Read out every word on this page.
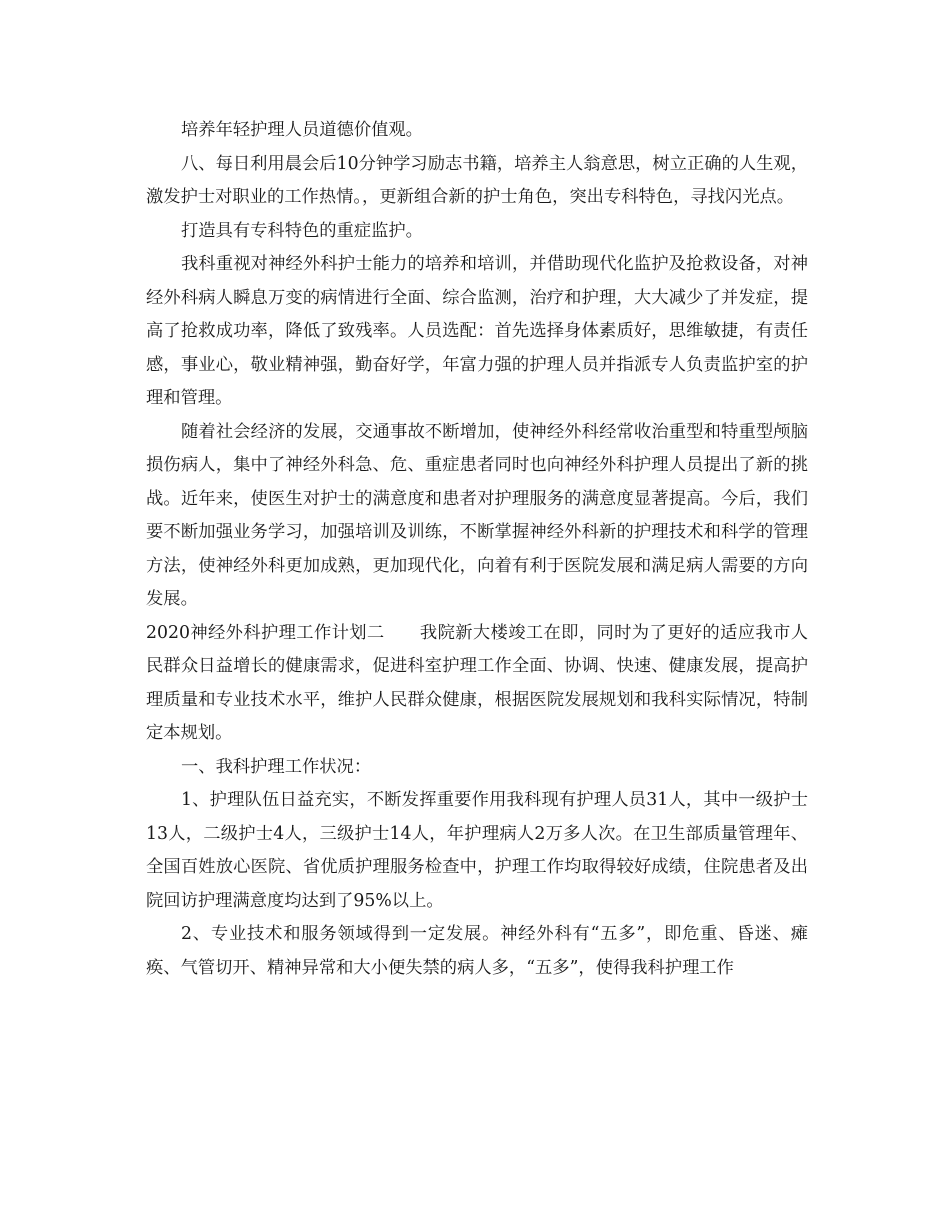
培养年轻护理人员道德价值观。

八、每日利用晨会后10分钟学习励志书籍，培养主人翁意思，树立正确的人生观，激发护士对职业的工作热情。，更新组合新的护士角色，突出专科特色，寻找闪光点。

打造具有专科特色的重症监护。

我科重视对神经外科护士能力的培养和培训，并借助现代化监护及抢救设备，对神经外科病人瞬息万变的病情进行全面、综合监测，治疗和护理，大大减少了并发症，提高了抢救成功率，降低了致残率。人员选配：首先选择身体素质好，思维敏捷，有责任感，事业心，敬业精神强，勤奋好学，年富力强的护理人员并指派专人负责监护室的护理和管理。

随着社会经济的发展，交通事故不断增加，使神经外科经常收治重型和特重型颅脑损伤病人，集中了神经外科急、危、重症患者同时也向神经外科护理人员提出了新的挑战。近年来，使医生对护士的满意度和患者对护理服务的满意度显著提高。今后，我们要不断加强业务学习，加强培训及训练，不断掌握神经外科新的护理技术和科学的管理方法，使神经外科更加成熟，更加现代化，向着有利于医院发展和满足病人需要的方向发展。

2020神经外科护理工作计划二　　我院新大楼竣工在即，同时为了更好的适应我市人民群众日益增长的健康需求，促进科室护理工作全面、协调、快速、健康发展，提高护理质量和专业技术水平，维护人民群众健康，根据医院发展规划和我科实际情况，特制定本规划。

一、我科护理工作状况：

1、护理队伍日益充实，不断发挥重要作用我科现有护理人员31人，其中一级护士13人，二级护士4人，三级护士14人，年护理病人2万多人次。在卫生部质量管理年、全国百姓放心医院、省优质护理服务检查中，护理工作均取得较好成绩，住院患者及出院回访护理满意度均达到了95%以上。

2、专业技术和服务领域得到一定发展。神经外科有“五多”，即危重、昏迷、瘫痪、气管切开、精神异常和大小便失禁的病人多，“五多”，使得我科护理工作
